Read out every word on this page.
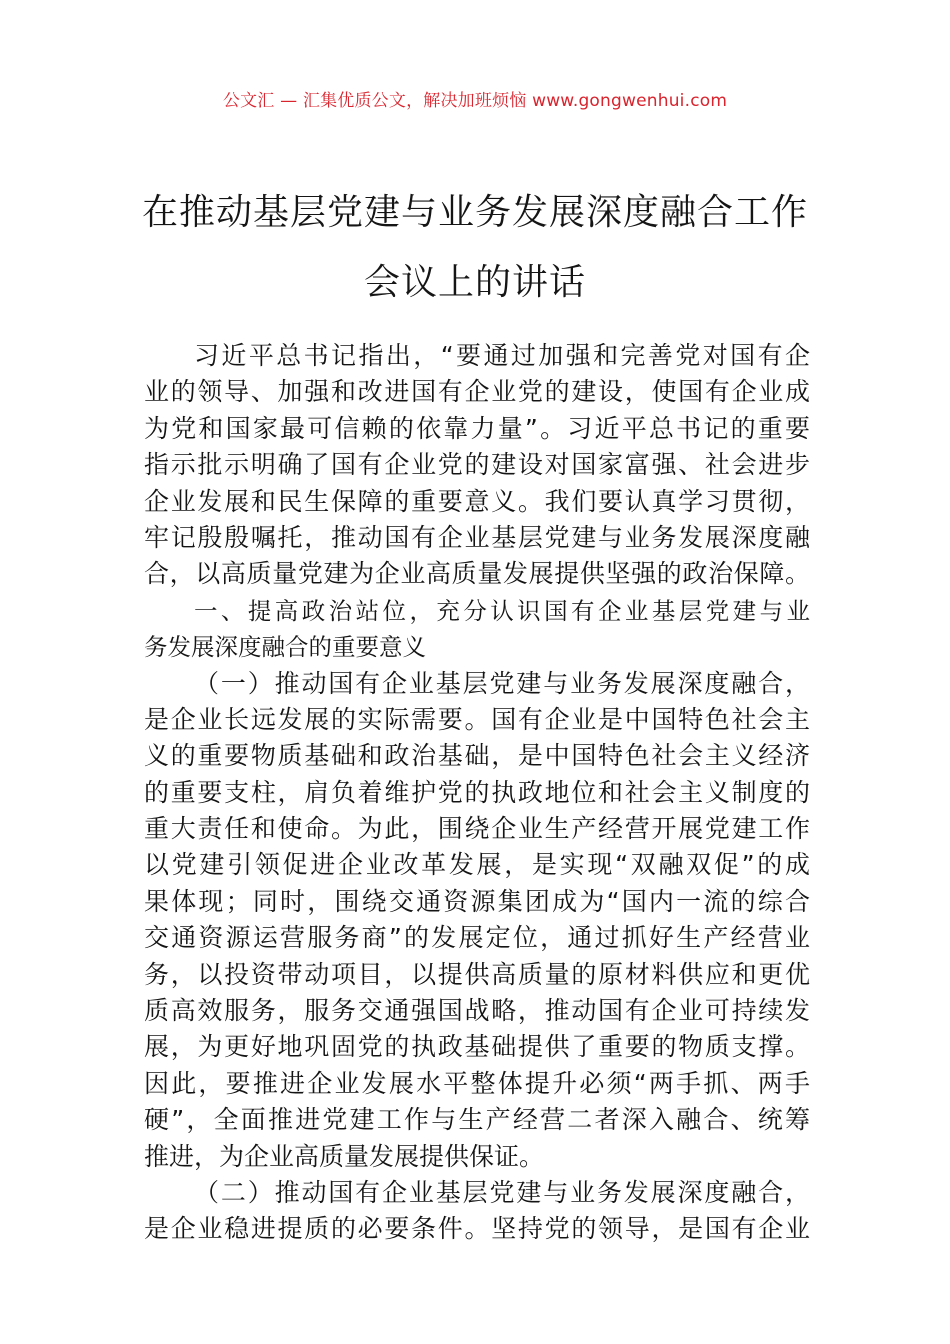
公文汇 — 汇集优质公文，解决加班烦恼 www.gongwenhui.com
在推动基层党建与业务发展深度融合工作
会议上的讲话
习近平总书记指出，“要通过加强和完善党对国有企
业的领导、加强和改进国有企业党的建设，使国有企业成
为党和国家最可信赖的依靠力量”。习近平总书记的重要
指示批示明确了国有企业党的建设对国家富强、社会进步
企业发展和民生保障的重要意义。我们要认真学习贯彻，
牢记殷殷嘱托，推动国有企业基层党建与业务发展深度融
合，以高质量党建为企业高质量发展提供坚强的政治保障。
一、提高政治站位，充分认识国有企业基层党建与业
务发展深度融合的重要意义
（一）推动国有企业基层党建与业务发展深度融合，
是企业长远发展的实际需要。国有企业是中国特色社会主
义的重要物质基础和政治基础，是中国特色社会主义经济
的重要支柱，肩负着维护党的执政地位和社会主义制度的
重大责任和使命。为此，围绕企业生产经营开展党建工作
以党建引领促进企业改革发展，是实现“双融双促”的成
果体现；同时，围绕交通资源集团成为“国内一流的综合
交通资源运营服务商”的发展定位，通过抓好生产经营业
务，以投资带动项目，以提供高质量的原材料供应和更优
质高效服务，服务交通强国战略，推动国有企业可持续发
展，为更好地巩固党的执政基础提供了重要的物质支撑。
因此，要推进企业发展水平整体提升必须“两手抓、两手
硬”，全面推进党建工作与生产经营二者深入融合、统筹
推进，为企业高质量发展提供保证。
（二）推动国有企业基层党建与业务发展深度融合，
是企业稳进提质的必要条件。坚持党的领导，是国有企业
